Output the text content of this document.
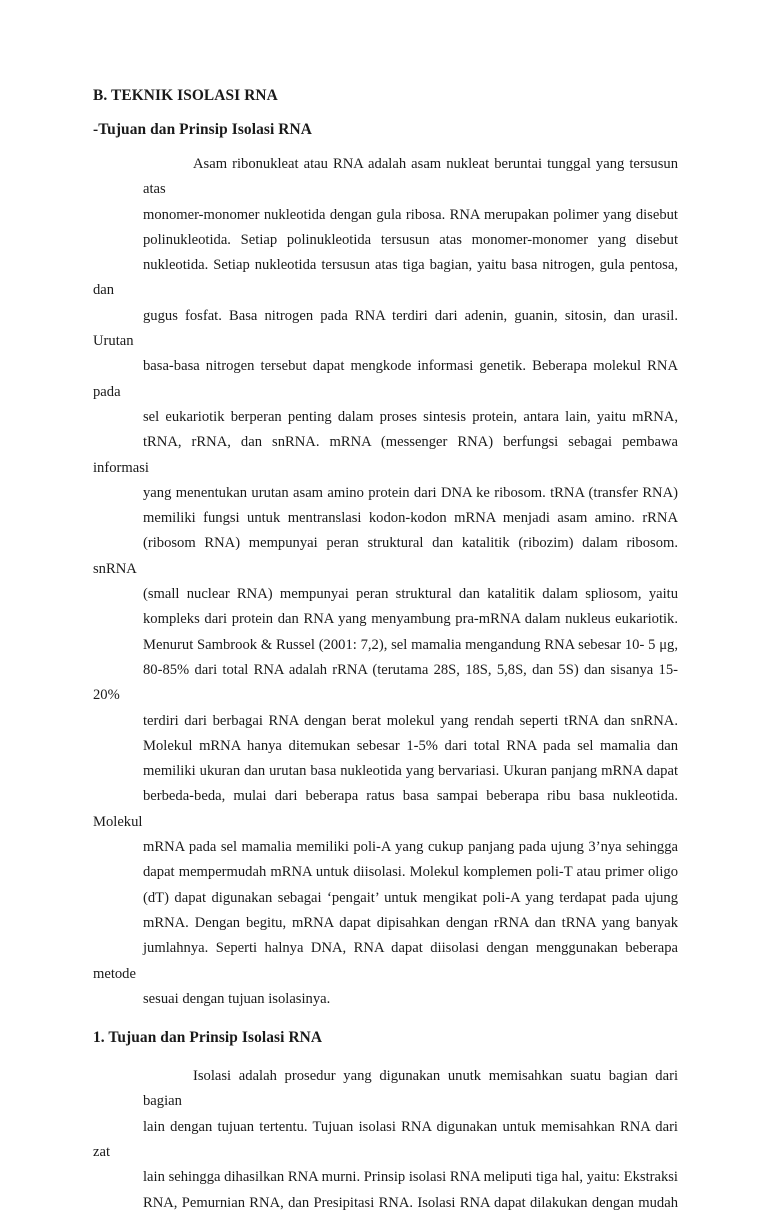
B. TEKNIK ISOLASI RNA

-Tujuan dan Prinsip Isolasi RNA

Asam ribonukleat atau RNA adalah asam nukleat beruntai tunggal yang tersusun atas
monomer-monomer nukleotida dengan gula ribosa. RNA merupakan polimer yang disebut
polinukleotida. Setiap polinukleotida tersusun atas monomer-monomer yang disebut
nukleotida. Setiap nukleotida tersusun atas tiga bagian, yaitu basa nitrogen, gula pentosa, dan
gugus fosfat. Basa nitrogen pada RNA terdiri dari adenin, guanin, sitosin, dan urasil. Urutan
basa-basa nitrogen tersebut dapat mengkode informasi genetik. Beberapa molekul RNA pada
sel eukariotik berperan penting dalam proses sintesis protein, antara lain, yaitu mRNA,
tRNA, rRNA, dan snRNA. mRNA (messenger RNA) berfungsi sebagai pembawa informasi
yang menentukan urutan asam amino protein dari DNA ke ribosom. tRNA (transfer RNA)
memiliki fungsi untuk mentranslasi kodon-kodon mRNA menjadi asam amino. rRNA
(ribosom RNA) mempunyai peran struktural dan katalitik (ribozim) dalam ribosom. snRNA
(small nuclear RNA) mempunyai peran struktural dan katalitik dalam spliosom, yaitu
kompleks dari protein dan RNA yang menyambung pra-mRNA dalam nukleus eukariotik.
Menurut Sambrook & Russel (2001: 7,2), sel mamalia mengandung RNA sebesar 10- 5 μg,
80-85% dari total RNA adalah rRNA (terutama 28S, 18S, 5,8S, dan 5S) dan sisanya 15- 20%
terdiri dari berbagai RNA dengan berat molekul yang rendah seperti tRNA dan snRNA.
Molekul mRNA hanya ditemukan sebesar 1-5% dari total RNA pada sel mamalia dan
memiliki ukuran dan urutan basa nukleotida yang bervariasi. Ukuran panjang mRNA dapat
berbeda-beda, mulai dari beberapa ratus basa sampai beberapa ribu basa nukleotida. Molekul
mRNA pada sel mamalia memiliki poli-A yang cukup panjang pada ujung 3’nya sehingga
dapat mempermudah mRNA untuk diisolasi. Molekul komplemen poli-T atau primer oligo
(dT) dapat digunakan sebagai ‘pengait’ untuk mengikat poli-A yang terdapat pada ujung
mRNA. Dengan begitu, mRNA dapat dipisahkan dengan rRNA dan tRNA yang banyak
jumlahnya. Seperti halnya DNA, RNA dapat diisolasi dengan menggunakan beberapa metode
sesuai dengan tujuan isolasinya.

1. Tujuan dan Prinsip Isolasi RNA

Isolasi adalah prosedur yang digunakan unutk memisahkan suatu bagian dari bagian
lain dengan tujuan tertentu. Tujuan isolasi RNA digunakan untuk memisahkan RNA dari zat
lain sehingga dihasilkan RNA murni. Prinsip isolasi RNA meliputi tiga hal, yaitu: Ekstraksi
RNA, Pemurnian RNA, dan Presipitasi RNA. Isolasi RNA dapat dilakukan dengan mudah
